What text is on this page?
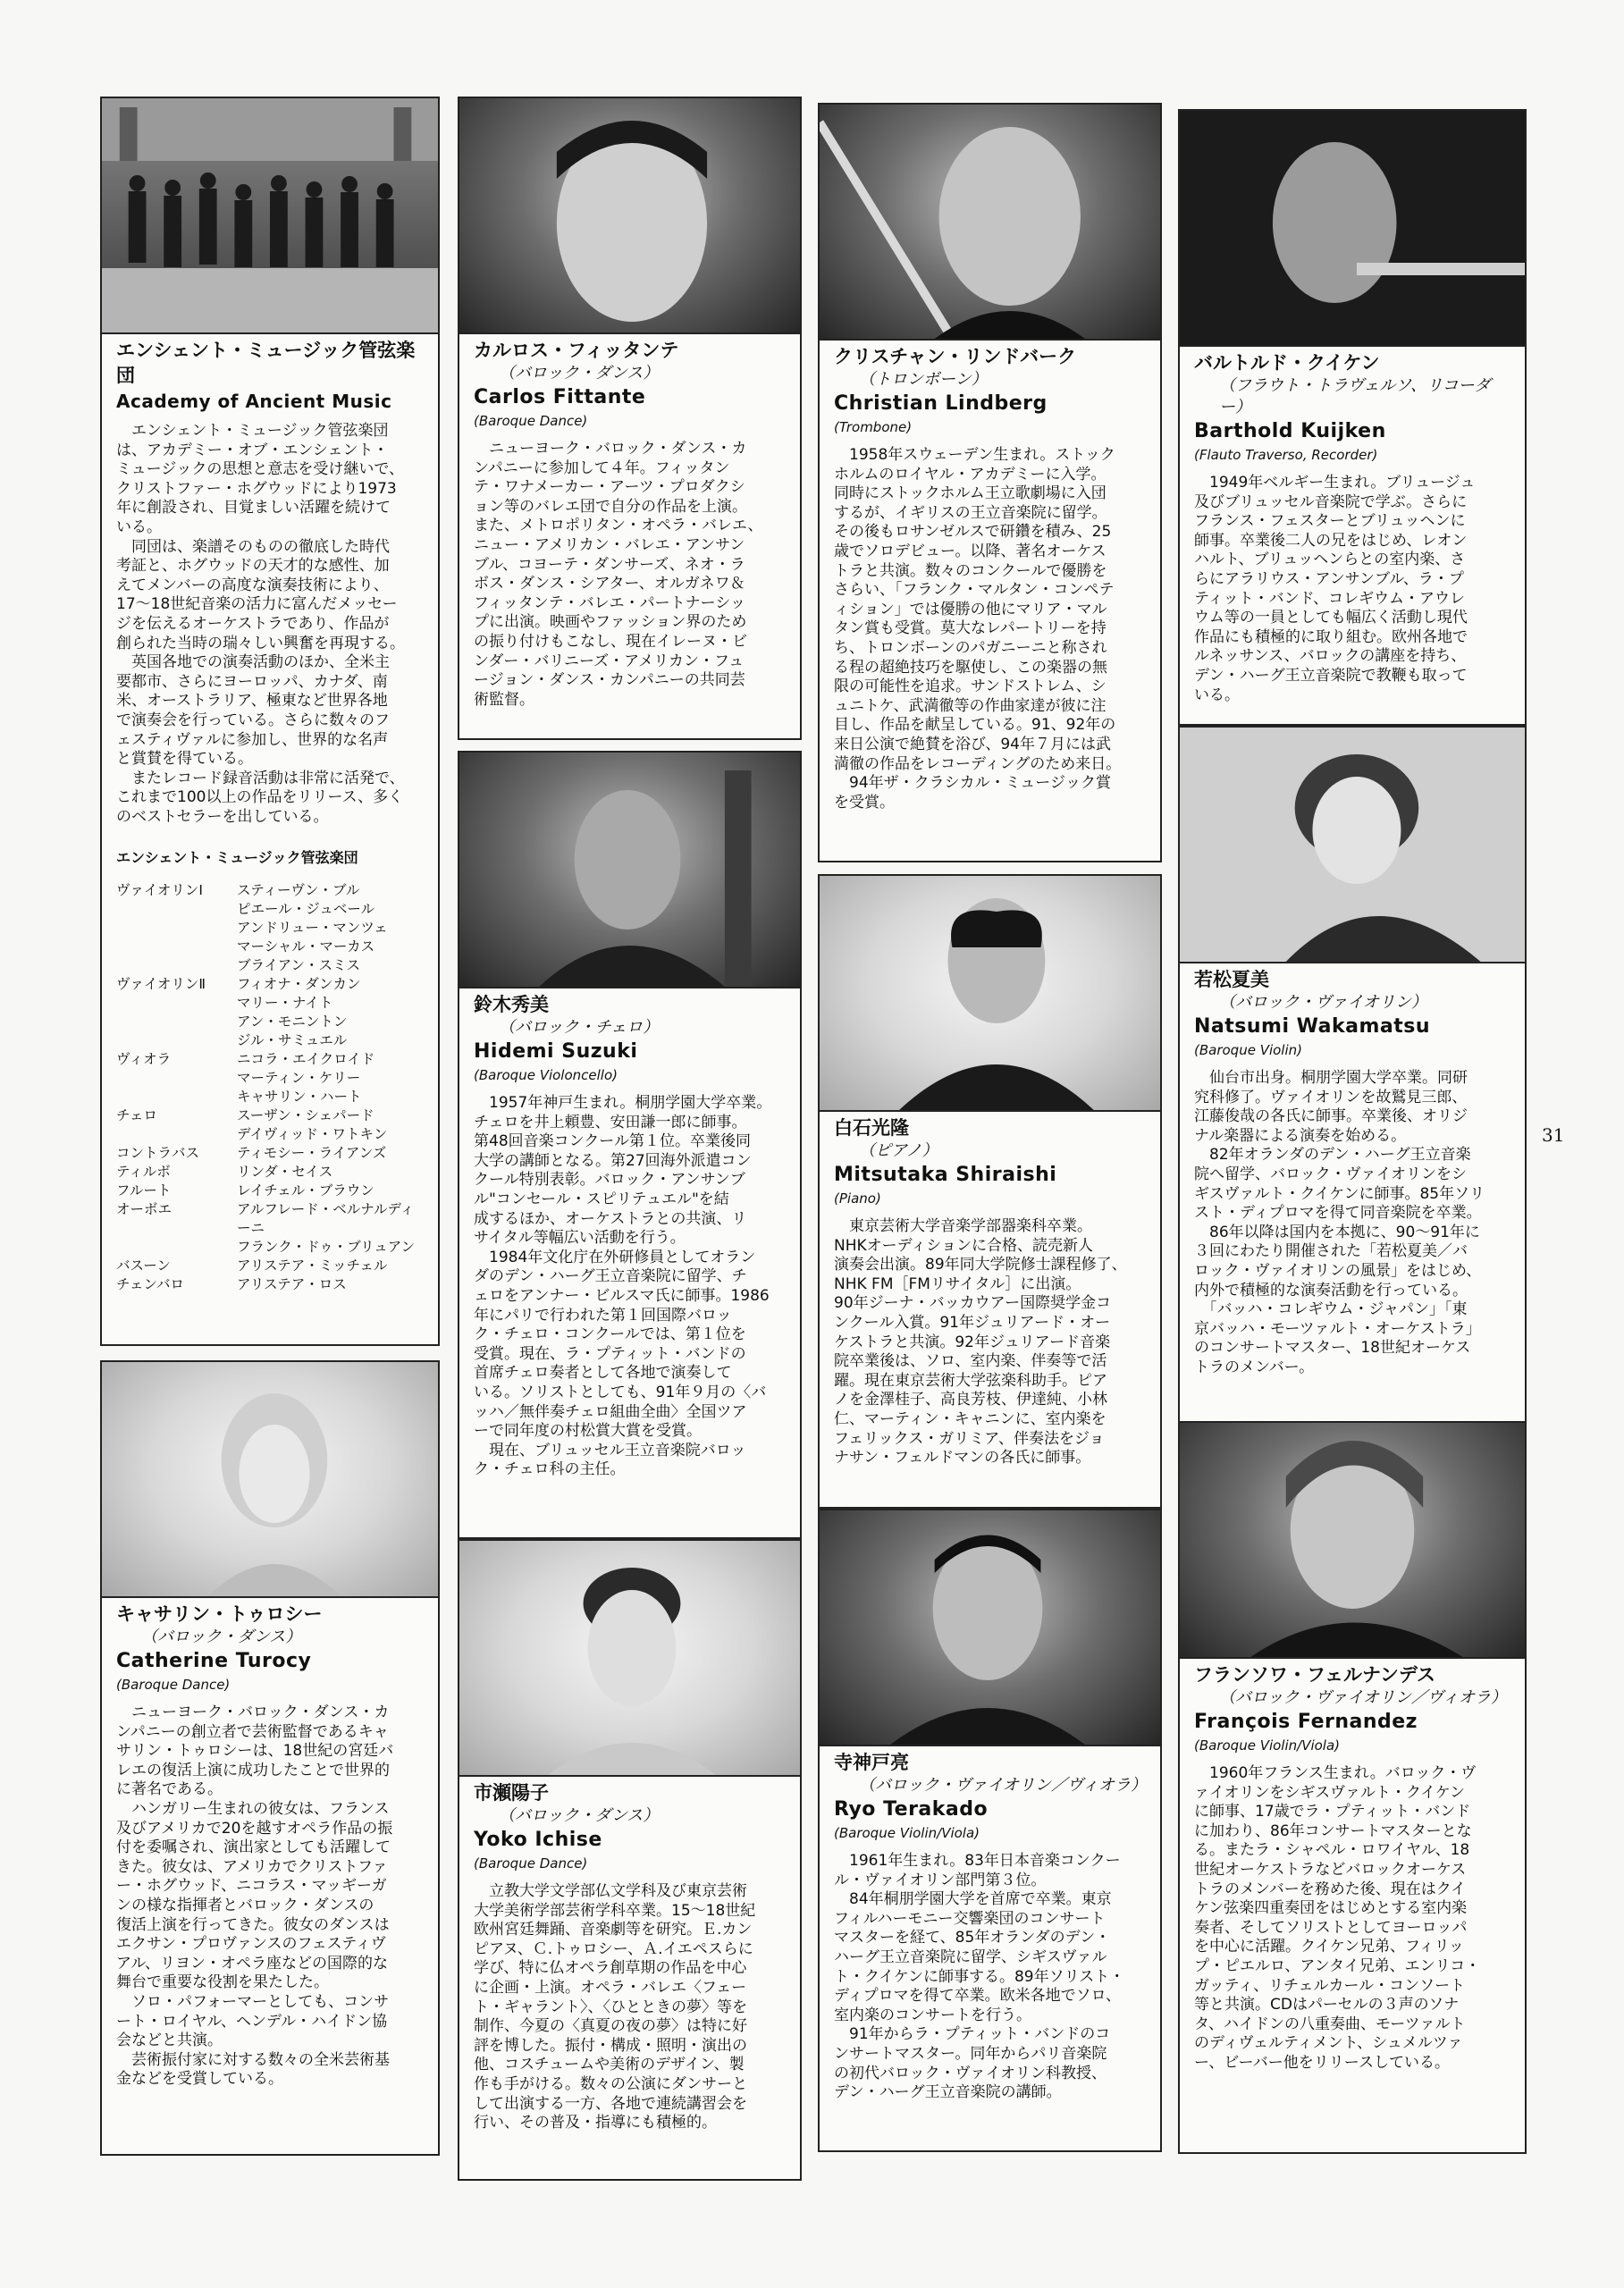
エンシェント・ミュージック管弦楽団

Academy of Ancient Music

　エンシェント・ミュージック管弦楽団
は、アカデミー・オブ・エンシェント・
ミュージックの思想と意志を受け継いで、
クリストファー・ホグウッドにより1973
年に創設され、目覚ましい活躍を続けて
いる。
　同団は、楽譜そのものの徹底した時代
考証と、ホグウッドの天才的な感性、加
えてメンバーの高度な演奏技術により、
17〜18世紀音楽の活力に富んだメッセー
ジを伝えるオーケストラであり、作品が
創られた当時の瑞々しい興奮を再現する。
　英国各地での演奏活動のほか、全米主
要都市、さらにヨーロッパ、カナダ、南
米、オーストラリア、極東など世界各地
で演奏会を行っている。さらに数々のフ
ェスティヴァルに参加し、世界的な名声
と賞賛を得ている。
　またレコード録音活動は非常に活発で、
これまで100以上の作品をリリース、多く
のベストセラーを出している。

エンシェント・ミュージック管弦楽団

ヴァイオリンⅠ	スティーヴン・ブル
ピエール・ジュベール
アンドリュー・マンツェ
マーシャル・マーカス
ブライアン・スミス
ヴァイオリンⅡ	フィオナ・ダンカン
マリー・ナイト
アン・モニントン
ジル・サミュエル
ヴィオラ	ニコラ・エイクロイド
マーティン・ケリー
キャサリン・ハート
チェロ	スーザン・シェパード
デイヴィッド・ワトキン
コントラバス	ティモシー・ライアンズ
ティルボ	リンダ・セイス
フルート	レイチェル・ブラウン
オーボエ	アルフレード・ベルナルディーニ
フランク・ドゥ・ブリュアン
バスーン	アリステア・ミッチェル
チェンバロ	アリステア・ロス

キャサリン・トゥロシー

（バロック・ダンス）

Catherine Turocy

(Baroque Dance)

　ニューヨーク・バロック・ダンス・カ
ンパニーの創立者で芸術監督であるキャ
サリン・トゥロシーは、18世紀の宮廷バ
レエの復活上演に成功したことで世界的
に著名である。
　ハンガリー生まれの彼女は、フランス
及びアメリカで20を越すオペラ作品の振
付を委嘱され、演出家としても活躍して
きた。彼女は、アメリカでクリストファ
ー・ホグウッド、ニコラス・マッギーガ
ンの様な指揮者とバロック・ダンスの
復活上演を行ってきた。彼女のダンスは
エクサン・プロヴァンスのフェスティヴ
アル、リヨン・オペラ座などの国際的な
舞台で重要な役割を果たした。
　ソロ・パフォーマーとしても、コンサ
ート・ロイヤル、ヘンデル・ハイドン協
会などと共演。
　芸術振付家に対する数々の全米芸術基
金などを受賞している。

カルロス・フィッタンテ

（バロック・ダンス）

Carlos Fittante

(Baroque Dance)

　ニューヨーク・バロック・ダンス・カ
ンパニーに参加して４年。フィッタン
テ・ワナメーカー・アーツ・プロダクシ
ョン等のバレエ団で自分の作品を上演。
また、メトロポリタン・オペラ・バレエ、
ニュー・アメリカン・バレエ・アンサン
ブル、コヨーテ・ダンサーズ、ネオ・ラ
ボス・ダンス・シアター、オルガネワ＆
フィッタンテ・バレエ・パートナーシッ
プに出演。映画やファッション界のため
の振り付けもこなし、現在イレーヌ・ビ
ンダー・バリニーズ・アメリカン・フュ
ージョン・ダンス・カンパニーの共同芸
術監督。

鈴木秀美

（バロック・チェロ）

Hidemi Suzuki

(Baroque Violoncello)

　1957年神戸生まれ。桐朋学園大学卒業。
チェロを井上頼豊、安田謙一郎に師事。
第48回音楽コンクール第１位。卒業後同
大学の講師となる。第27回海外派遣コン
クール特別表彰。バロック・アンサンブ
ル"コンセール・スピリテュエル"を結
成するほか、オーケストラとの共演、リ
サイタル等幅広い活動を行う。
　1984年文化庁在外研修員としてオラン
ダのデン・ハーグ王立音楽院に留学、チ
ェロをアンナー・ビルスマ氏に師事。1986
年にパリで行われた第１回国際バロッ
ク・チェロ・コンクールでは、第１位を
受賞。現在、ラ・プティット・バンドの
首席チェロ奏者として各地で演奏して
いる。ソリストとしても、91年９月の〈バ
ッハ／無伴奏チェロ組曲全曲〉全国ツア
ーで同年度の村松賞大賞を受賞。
　現在、ブリュッセル王立音楽院バロッ
ク・チェロ科の主任。

市瀬陽子

（バロック・ダンス）

Yoko Ichise

(Baroque Dance)

　立教大学文学部仏文学科及び東京芸術
大学美術学部芸術学科卒業。15〜18世紀
欧州宮廷舞踊、音楽劇等を研究。Ｅ.カン
ピアヌ、Ｃ.トゥロシー、Ａ.イエペスらに
学び、特に仏オペラ創草期の作品を中心
に企画・上演。オペラ・バレエ〈フェー
ト・ギャラント〉、〈ひとときの夢〉等を
制作、今夏の〈真夏の夜の夢〉は特に好
評を博した。振付・構成・照明・演出の
他、コスチュームや美術のデザイン、製
作も手がける。数々の公演にダンサーと
して出演する一方、各地で連続講習会を
行い、その普及・指導にも積極的。

クリスチャン・リンドバーク

（トロンボーン）

Christian Lindberg

(Trombone)

　1958年スウェーデン生まれ。ストック
ホルムのロイヤル・アカデミーに入学。
同時にストックホルム王立歌劇場に入団
するが、イギリスの王立音楽院に留学。
その後もロサンゼルスで研鑽を積み、25
歳でソロデビュー。以降、著名オーケス
トラと共演。数々のコンクールで優勝を
さらい、「フランク・マルタン・コンペテ
ィション」では優勝の他にマリア・マル
タン賞も受賞。莫大なレパートリーを持
ち、トロンボーンのパガニーニと称され
る程の超絶技巧を駆使し、この楽器の無
限の可能性を追求。サンドストレム、シ
ュニトケ、武満徹等の作曲家達が彼に注
目し、作品を献呈している。91、92年の
来日公演で絶賛を浴び、94年７月には武
満徹の作品をレコーディングのため来日。
　94年ザ・クラシカル・ミュージック賞
を受賞。

白石光隆

（ピアノ）

Mitsutaka Shiraishi

(Piano)

　東京芸術大学音楽学部器楽科卒業。
NHKオーディションに合格、読売新人
演奏会出演。89年同大学院修士課程修了、
NHK FM［FMリサイタル］に出演。
90年ジーナ・バッカウアー国際奨学金コ
ンクール入賞。91年ジュリアード・オー
ケストラと共演。92年ジュリアード音楽
院卒業後は、ソロ、室内楽、伴奏等で活
躍。現在東京芸術大学弦楽科助手。ピア
ノを金澤桂子、高良芳枝、伊達純、小林
仁、マーティン・キャニンに、室内楽を
フェリックス・ガリミア、伴奏法をジョ
ナサン・フェルドマンの各氏に師事。

寺神戸亮

（バロック・ヴァイオリン／ヴィオラ）

Ryo Terakado

(Baroque Violin/Viola)

　1961年生まれ。83年日本音楽コンクー
ル・ヴァイオリン部門第３位。
　84年桐朋学園大学を首席で卒業。東京
フィルハーモニー交響楽団のコンサート
マスターを経て、85年オランダのデン・
ハーグ王立音楽院に留学、シギスヴァル
ト・クイケンに師事する。89年ソリスト・
ディプロマを得て卒業。欧米各地でソロ、
室内楽のコンサートを行う。
　91年からラ・プティット・バンドのコ
ンサートマスター。同年からパリ音楽院
の初代バロック・ヴァイオリン科教授、
デン・ハーグ王立音楽院の講師。

バルトルド・クイケン

（フラウト・トラヴェルソ、リコーダー）

Barthold Kuijken

(Flauto Traverso, Recorder)

　1949年ベルギー生まれ。ブリュージュ
及びブリュッセル音楽院で学ぶ。さらに
フランス・フェスターとブリュッヘンに
師事。卒業後二人の兄をはじめ、レオン
ハルト、ブリュッヘンらとの室内楽、さ
らにアラリウス・アンサンブル、ラ・プ
ティット・バンド、コレギウム・アウレ
ウム等の一員としても幅広く活動し現代
作品にも積極的に取り組む。欧州各地で
ルネッサンス、バロックの講座を持ち、
デン・ハーグ王立音楽院で教鞭も取って
いる。

若松夏美

（バロック・ヴァイオリン）

Natsumi Wakamatsu

(Baroque Violin)

　仙台市出身。桐朋学園大学卒業。同研
究科修了。ヴァイオリンを故鷲見三郎、
江藤俊哉の各氏に師事。卒業後、オリジ
ナル楽器による演奏を始める。
　82年オランダのデン・ハーグ王立音楽
院へ留学、バロック・ヴァイオリンをシ
ギスヴァルト・クイケンに師事。85年ソリ
スト・ディプロマを得て同音楽院を卒業。
　86年以降は国内を本拠に、90〜91年に
３回にわたり開催された「若松夏美／バ
ロック・ヴァイオリンの風景」をはじめ、
内外で積極的な演奏活動を行っている。
　「バッハ・コレギウム・ジャパン」「東
京バッハ・モーツァルト・オーケストラ」
のコンサートマスター、18世紀オーケス
トラのメンバー。

フランソワ・フェルナンデス

（バロック・ヴァイオリン／ヴィオラ）

François Fernandez

(Baroque Violin/Viola)

　1960年フランス生まれ。バロック・ヴ
ァイオリンをシギスヴァルト・クイケン
に師事、17歳でラ・プティット・バンド
に加わり、86年コンサートマスターとな
る。またラ・シャペル・ロワイヤル、18
世紀オーケストラなどバロックオーケス
トラのメンバーを務めた後、現在はクイ
ケン弦楽四重奏団をはじめとする室内楽
奏者、そしてソリストとしてヨーロッパ
を中心に活躍。クイケン兄弟、フィリッ
プ・ピエルロ、アンタイ兄弟、エンリコ・
ガッティ、リチェルカール・コンソート
等と共演。CDはパーセルの３声のソナ
タ、ハイドンの八重奏曲、モーツァルト
のディヴェルティメント、シュメルツァ
ー、ビーバー他をリリースしている。

31
